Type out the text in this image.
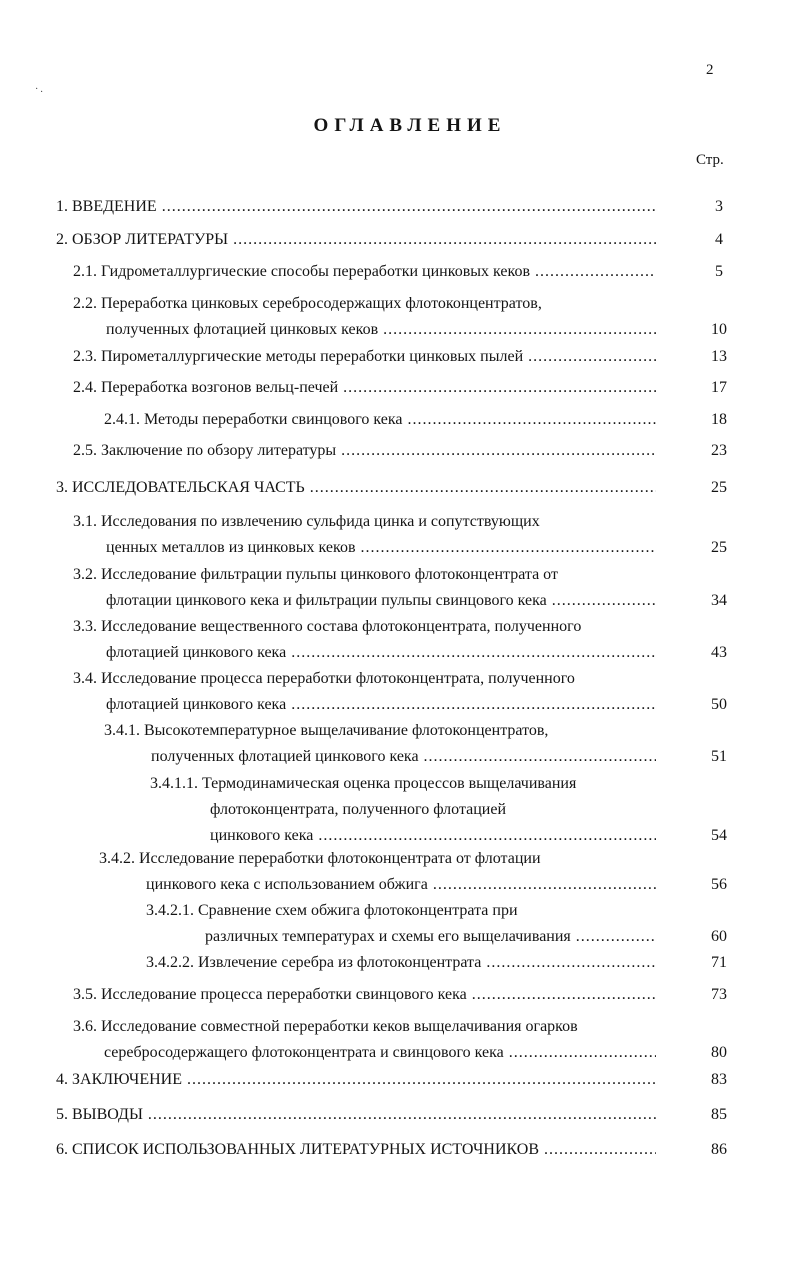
2
·.
ОГЛАВЛЕНИЕ
Стр.
1. ВВЕДЕНИЕ .....	3
2. ОБЗОР ЛИТЕРАТУРЫ .....	4
2.1. Гидрометаллургические способы переработки цинковых кеков .....	5
2.2. Переработка цинковых серебросодержащих флотоконцентратов,
полученных флотацией цинковых кеков .....	10
2.3. Пирометаллургические методы переработки цинковых пылей .....	13
2.4. Переработка возгонов вельц-печей .....	17
2.4.1. Методы переработки свинцового кека .....	18
2.5. Заключение по обзору литературы .....	23
3. ИССЛЕДОВАТЕЛЬСКАЯ ЧАСТЬ .....	25
3.1. Исследования по извлечению сульфида цинка и сопутствующих
ценных металлов из цинковых кеков .....	25
3.2. Исследование фильтрации пульпы цинкового флотоконцентрата от
флотации цинкового кека и фильтрации пульпы свинцового кека .....	34
3.3. Исследование вещественного состава флотоконцентрата, полученного
флотацией цинкового кека .....	43
3.4. Исследование процесса переработки флотоконцентрата, полученного
флотацией цинкового кека .....	50
3.4.1. Высокотемпературное выщелачивание флотоконцентратов,
полученных флотацией цинкового кека .....	51
3.4.1.1. Термодинамическая оценка процессов выщелачивания
флотоконцентрата, полученного флотацией
цинкового кека .....	54
3.4.2. Исследование переработки флотоконцентрата от флотации
цинкового кека с использованием обжига .....	56
3.4.2.1. Сравнение схем обжига флотоконцентрата при
различных температурах и схемы его выщелачивания .....	60
3.4.2.2. Извлечение серебра из флотоконцентрата .....	71
3.5. Исследование процесса переработки свинцового кека .....	73
3.6. Исследование совместной переработки кеков выщелачивания огарков
серебросодержащего флотоконцентрата и свинцового кека .....	80
4. ЗАКЛЮЧЕНИЕ .....	83
5. ВЫВОДЫ .....	85
6. СПИСОК ИСПОЛЬЗОВАННЫХ ЛИТЕРАТУРНЫХ ИСТОЧНИКОВ .....	86
